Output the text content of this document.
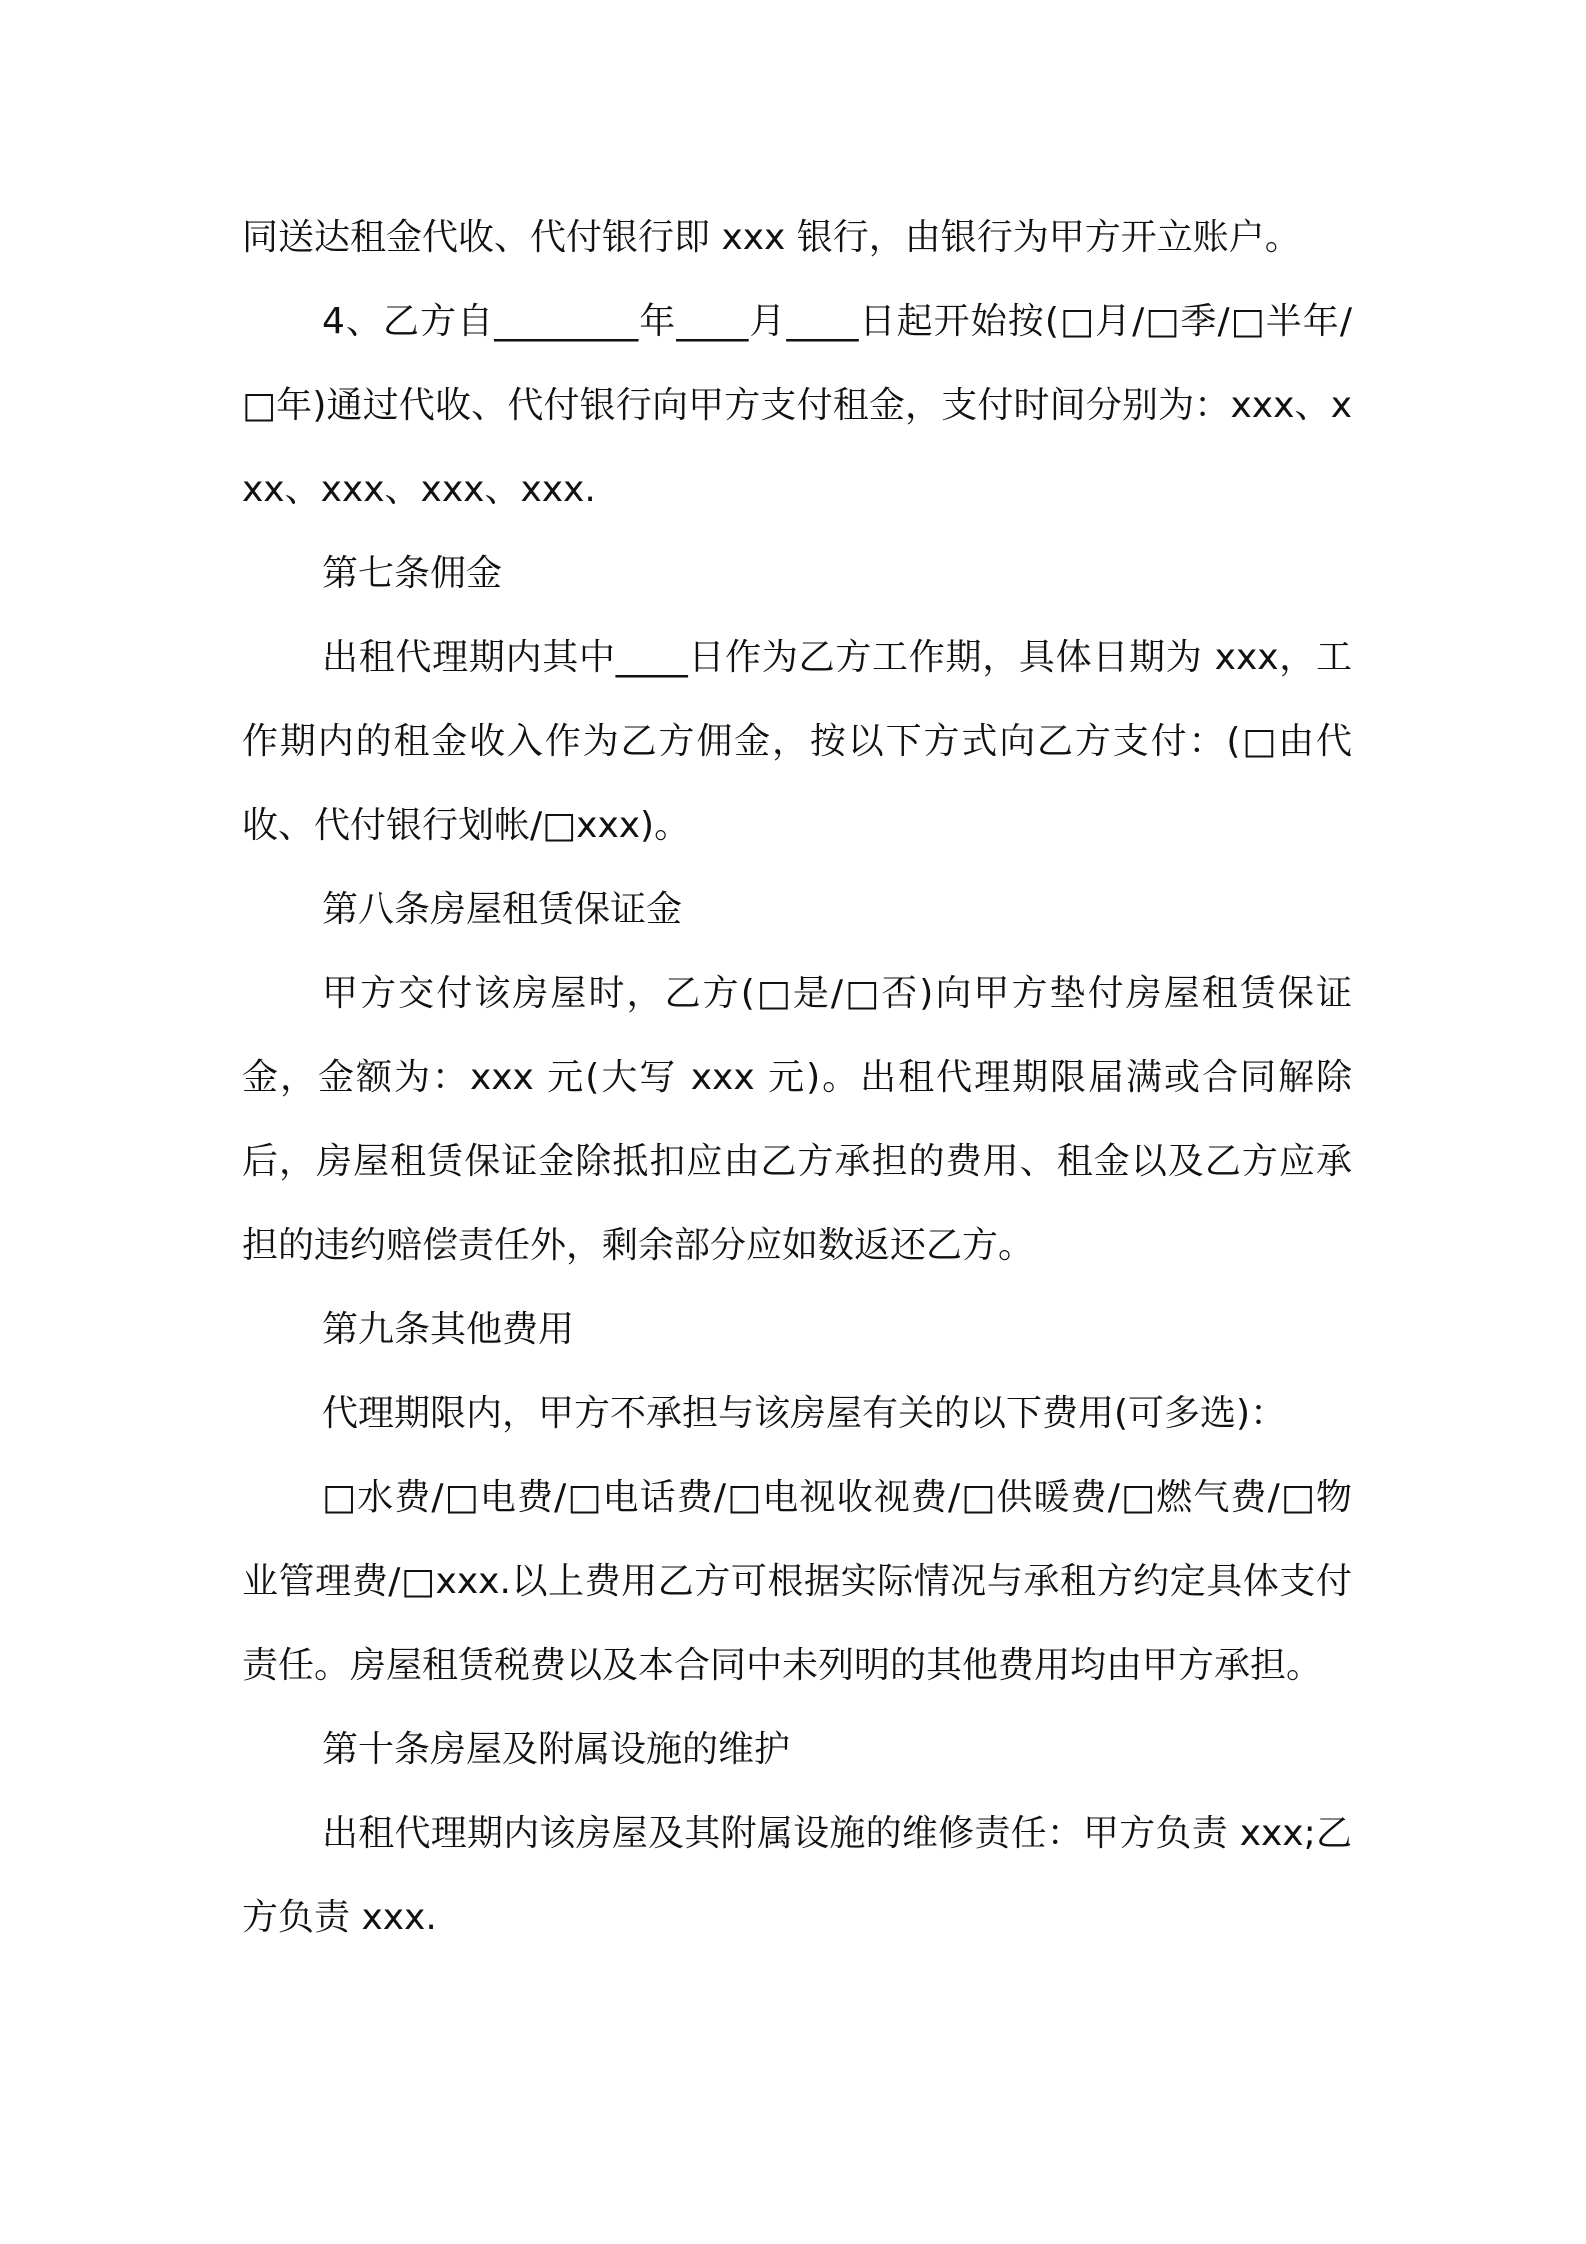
同送达租金代收、代付银行即 xxx 银行，由银行为甲方开立账户。

4、乙方自________年____月____日起开始按(□月/□季/□半年/□年)通过代收、代付银行向甲方支付租金，支付时间分别为：xxx、xxx、xxx、xxx、xxx.

第七条佣金

出租代理期内其中____日作为乙方工作期，具体日期为 xxx，工作期内的租金收入作为乙方佣金，按以下方式向乙方支付：(□由代收、代付银行划帐/□xxx)。

第八条房屋租赁保证金

甲方交付该房屋时，乙方(□是/□否)向甲方垫付房屋租赁保证金，金额为：xxx 元(大写 xxx 元)。出租代理期限届满或合同解除后，房屋租赁保证金除抵扣应由乙方承担的费用、租金以及乙方应承担的违约赔偿责任外，剩余部分应如数返还乙方。

第九条其他费用

代理期限内，甲方不承担与该房屋有关的以下费用(可多选)：

□水费/□电费/□电话费/□电视收视费/□供暖费/□燃气费/□物业管理费/□xxx.以上费用乙方可根据实际情况与承租方约定具体支付责任。房屋租赁税费以及本合同中未列明的其他费用均由甲方承担。

第十条房屋及附属设施的维护

出租代理期内该房屋及其附属设施的维修责任：甲方负责 xxx;乙方负责 xxx.
